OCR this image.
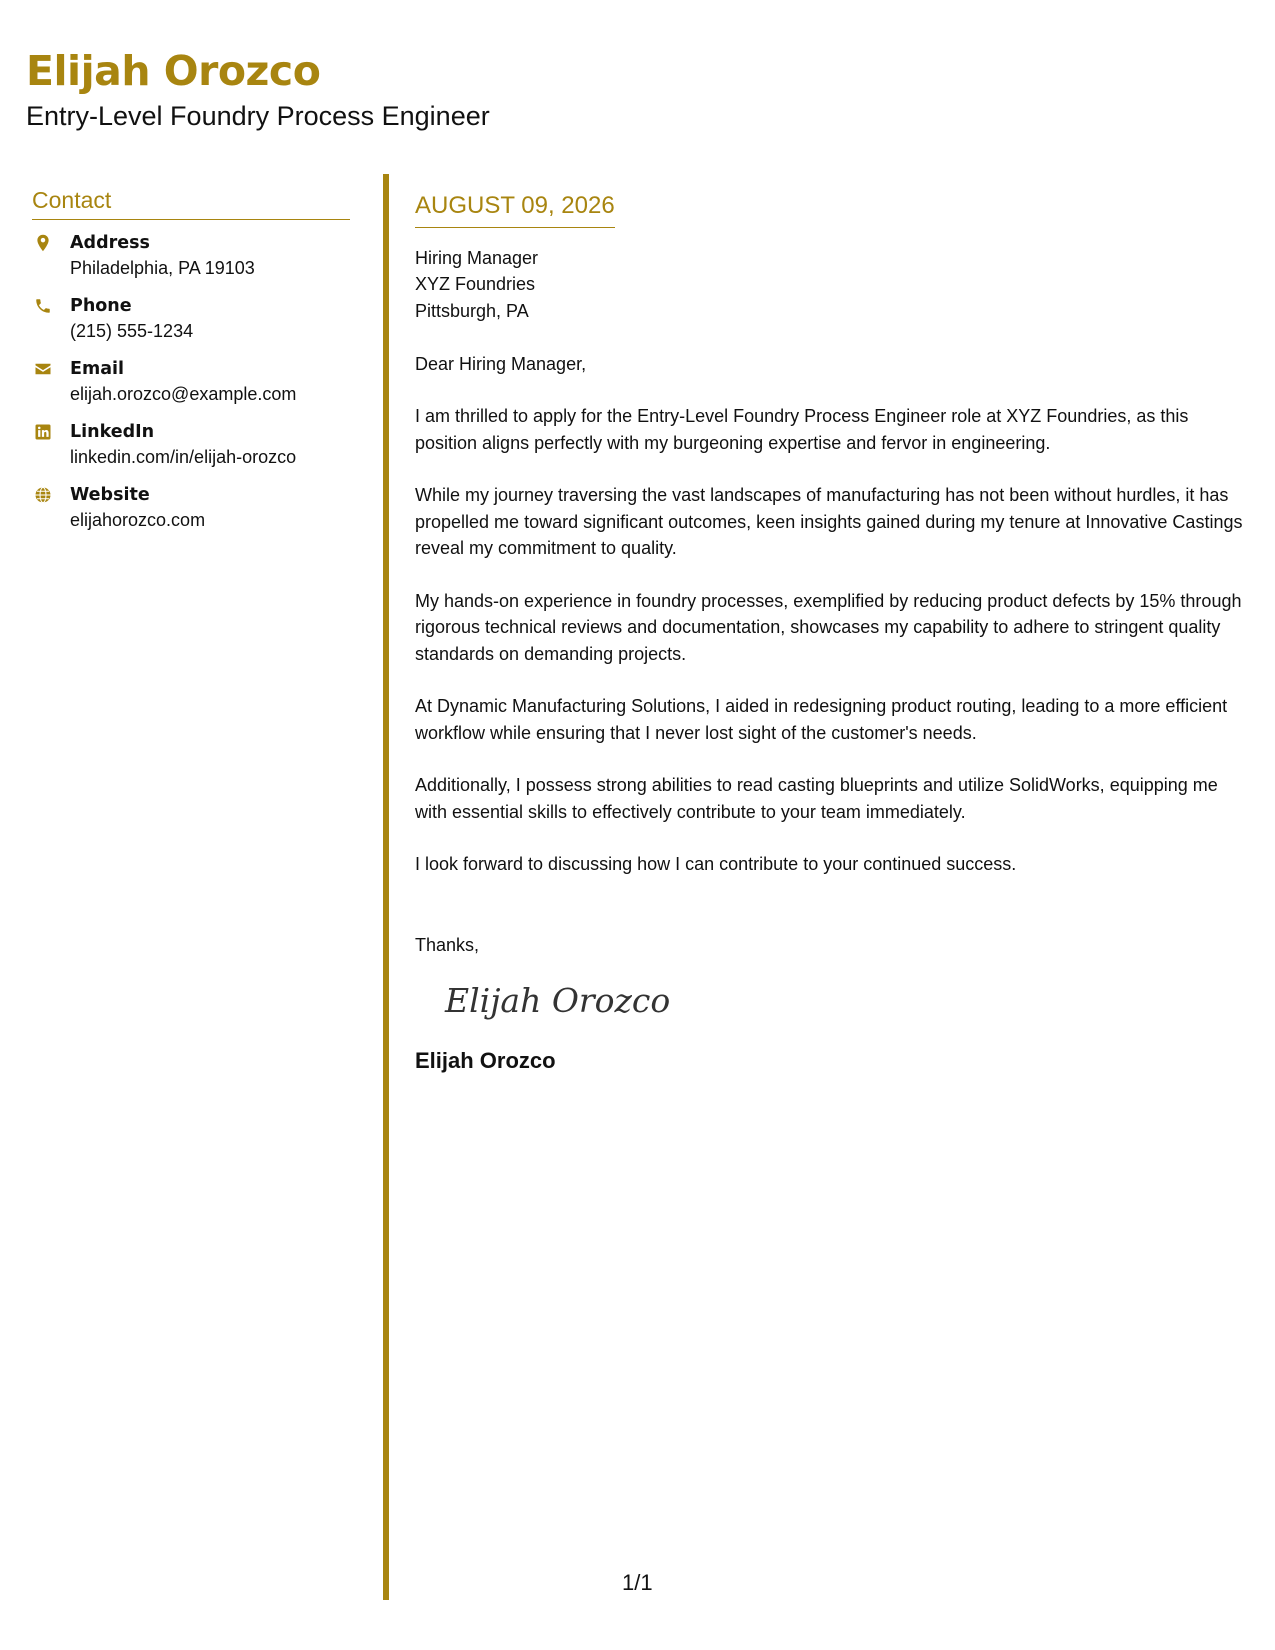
Elijah Orozco
Entry-Level Foundry Process Engineer
Contact
Address
Philadelphia, PA 19103
Phone
(215) 555-1234
Email
elijah.orozco@example.com
LinkedIn
linkedin.com/in/elijah-orozco
Website
elijahorozco.com
AUGUST 09, 2026
Hiring Manager
XYZ Foundries
Pittsburgh, PA
Dear Hiring Manager,
I am thrilled to apply for the Entry-Level Foundry Process Engineer role at XYZ Foundries, as this position aligns perfectly with my burgeoning expertise and fervor in engineering.
While my journey traversing the vast landscapes of manufacturing has not been without hurdles, it has propelled me toward significant outcomes, keen insights gained during my tenure at Innovative Castings reveal my commitment to quality.
My hands-on experience in foundry processes, exemplified by reducing product defects by 15% through rigorous technical reviews and documentation, showcases my capability to adhere to stringent quality standards on demanding projects.
At Dynamic Manufacturing Solutions, I aided in redesigning product routing, leading to a more efficient workflow while ensuring that I never lost sight of the customer's needs.
Additionally, I possess strong abilities to read casting blueprints and utilize SolidWorks, equipping me with essential skills to effectively contribute to your team immediately.
I look forward to discussing how I can contribute to your continued success.
Thanks,
Elijah Orozco
Elijah Orozco
1/1
